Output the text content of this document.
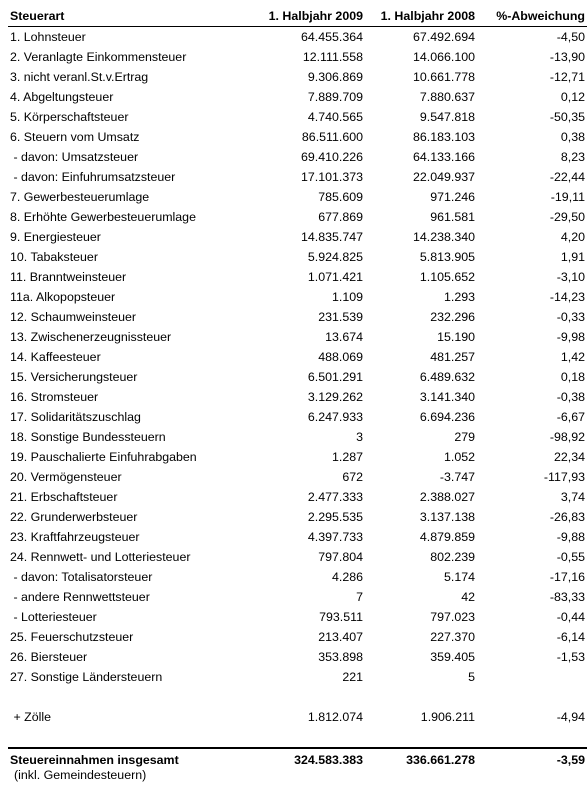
Steuerart	1. Halbjahr 2009	1. Halbjahr 2008	%-Abweichung
1. Lohnsteuer	64.455.364	67.492.694	-4,50
2. Veranlagte Einkommensteuer	12.111.558	14.066.100	-13,90
3. nicht veranl.St.v.Ertrag	9.306.869	10.661.778	-12,71
4. Abgeltungsteuer	7.889.709	7.880.637	0,12
5. Körperschaftsteuer	4.740.565	9.547.818	-50,35
6. Steuern vom Umsatz	86.511.600	86.183.103	0,38
- davon: Umsatzsteuer	69.410.226	64.133.166	8,23
- davon: Einfuhrumsatzsteuer	17.101.373	22.049.937	-22,44
7. Gewerbesteuerumlage	785.609	971.246	-19,11
8. Erhöhte Gewerbesteuerumlage	677.869	961.581	-29,50
9. Energiesteuer	14.835.747	14.238.340	4,20
10. Tabaksteuer	5.924.825	5.813.905	1,91
11. Branntweinsteuer	1.071.421	1.105.652	-3,10
11a. Alkopopsteuer	1.109	1.293	-14,23
12. Schaumweinsteuer	231.539	232.296	-0,33
13. Zwischenerzeugnissteuer	13.674	15.190	-9,98
14. Kaffeesteuer	488.069	481.257	1,42
15. Versicherungsteuer	6.501.291	6.489.632	0,18
16. Stromsteuer	3.129.262	3.141.340	-0,38
17. Solidaritätszuschlag	6.247.933	6.694.236	-6,67
18. Sonstige Bundessteuern	3	279	-98,92
19. Pauschalierte Einfuhrabgaben	1.287	1.052	22,34
20. Vermögensteuer	672	-3.747	-117,93
21. Erbschaftsteuer	2.477.333	2.388.027	3,74
22. Grunderwerbsteuer	2.295.535	3.137.138	-26,83
23. Kraftfahrzeugsteuer	4.397.733	4.879.859	-9,88
24. Rennwett- und Lotteriesteuer	797.804	802.239	-0,55
- davon: Totalisatorsteuer	4.286	5.174	-17,16
- andere Rennwettsteuer	7	42	-83,33
- Lotteriesteuer	793.511	797.023	-0,44
25. Feuerschutzsteuer	213.407	227.370	-6,14
26. Biersteuer	353.898	359.405	-1,53
27. Sonstige Ländersteuern	221	5	

+ Zölle	1.812.074	1.906.211	-4,94

Steuereinnahmen insgesamt	324.583.383	336.661.278	-3,59
(inkl. Gemeindesteuern)
